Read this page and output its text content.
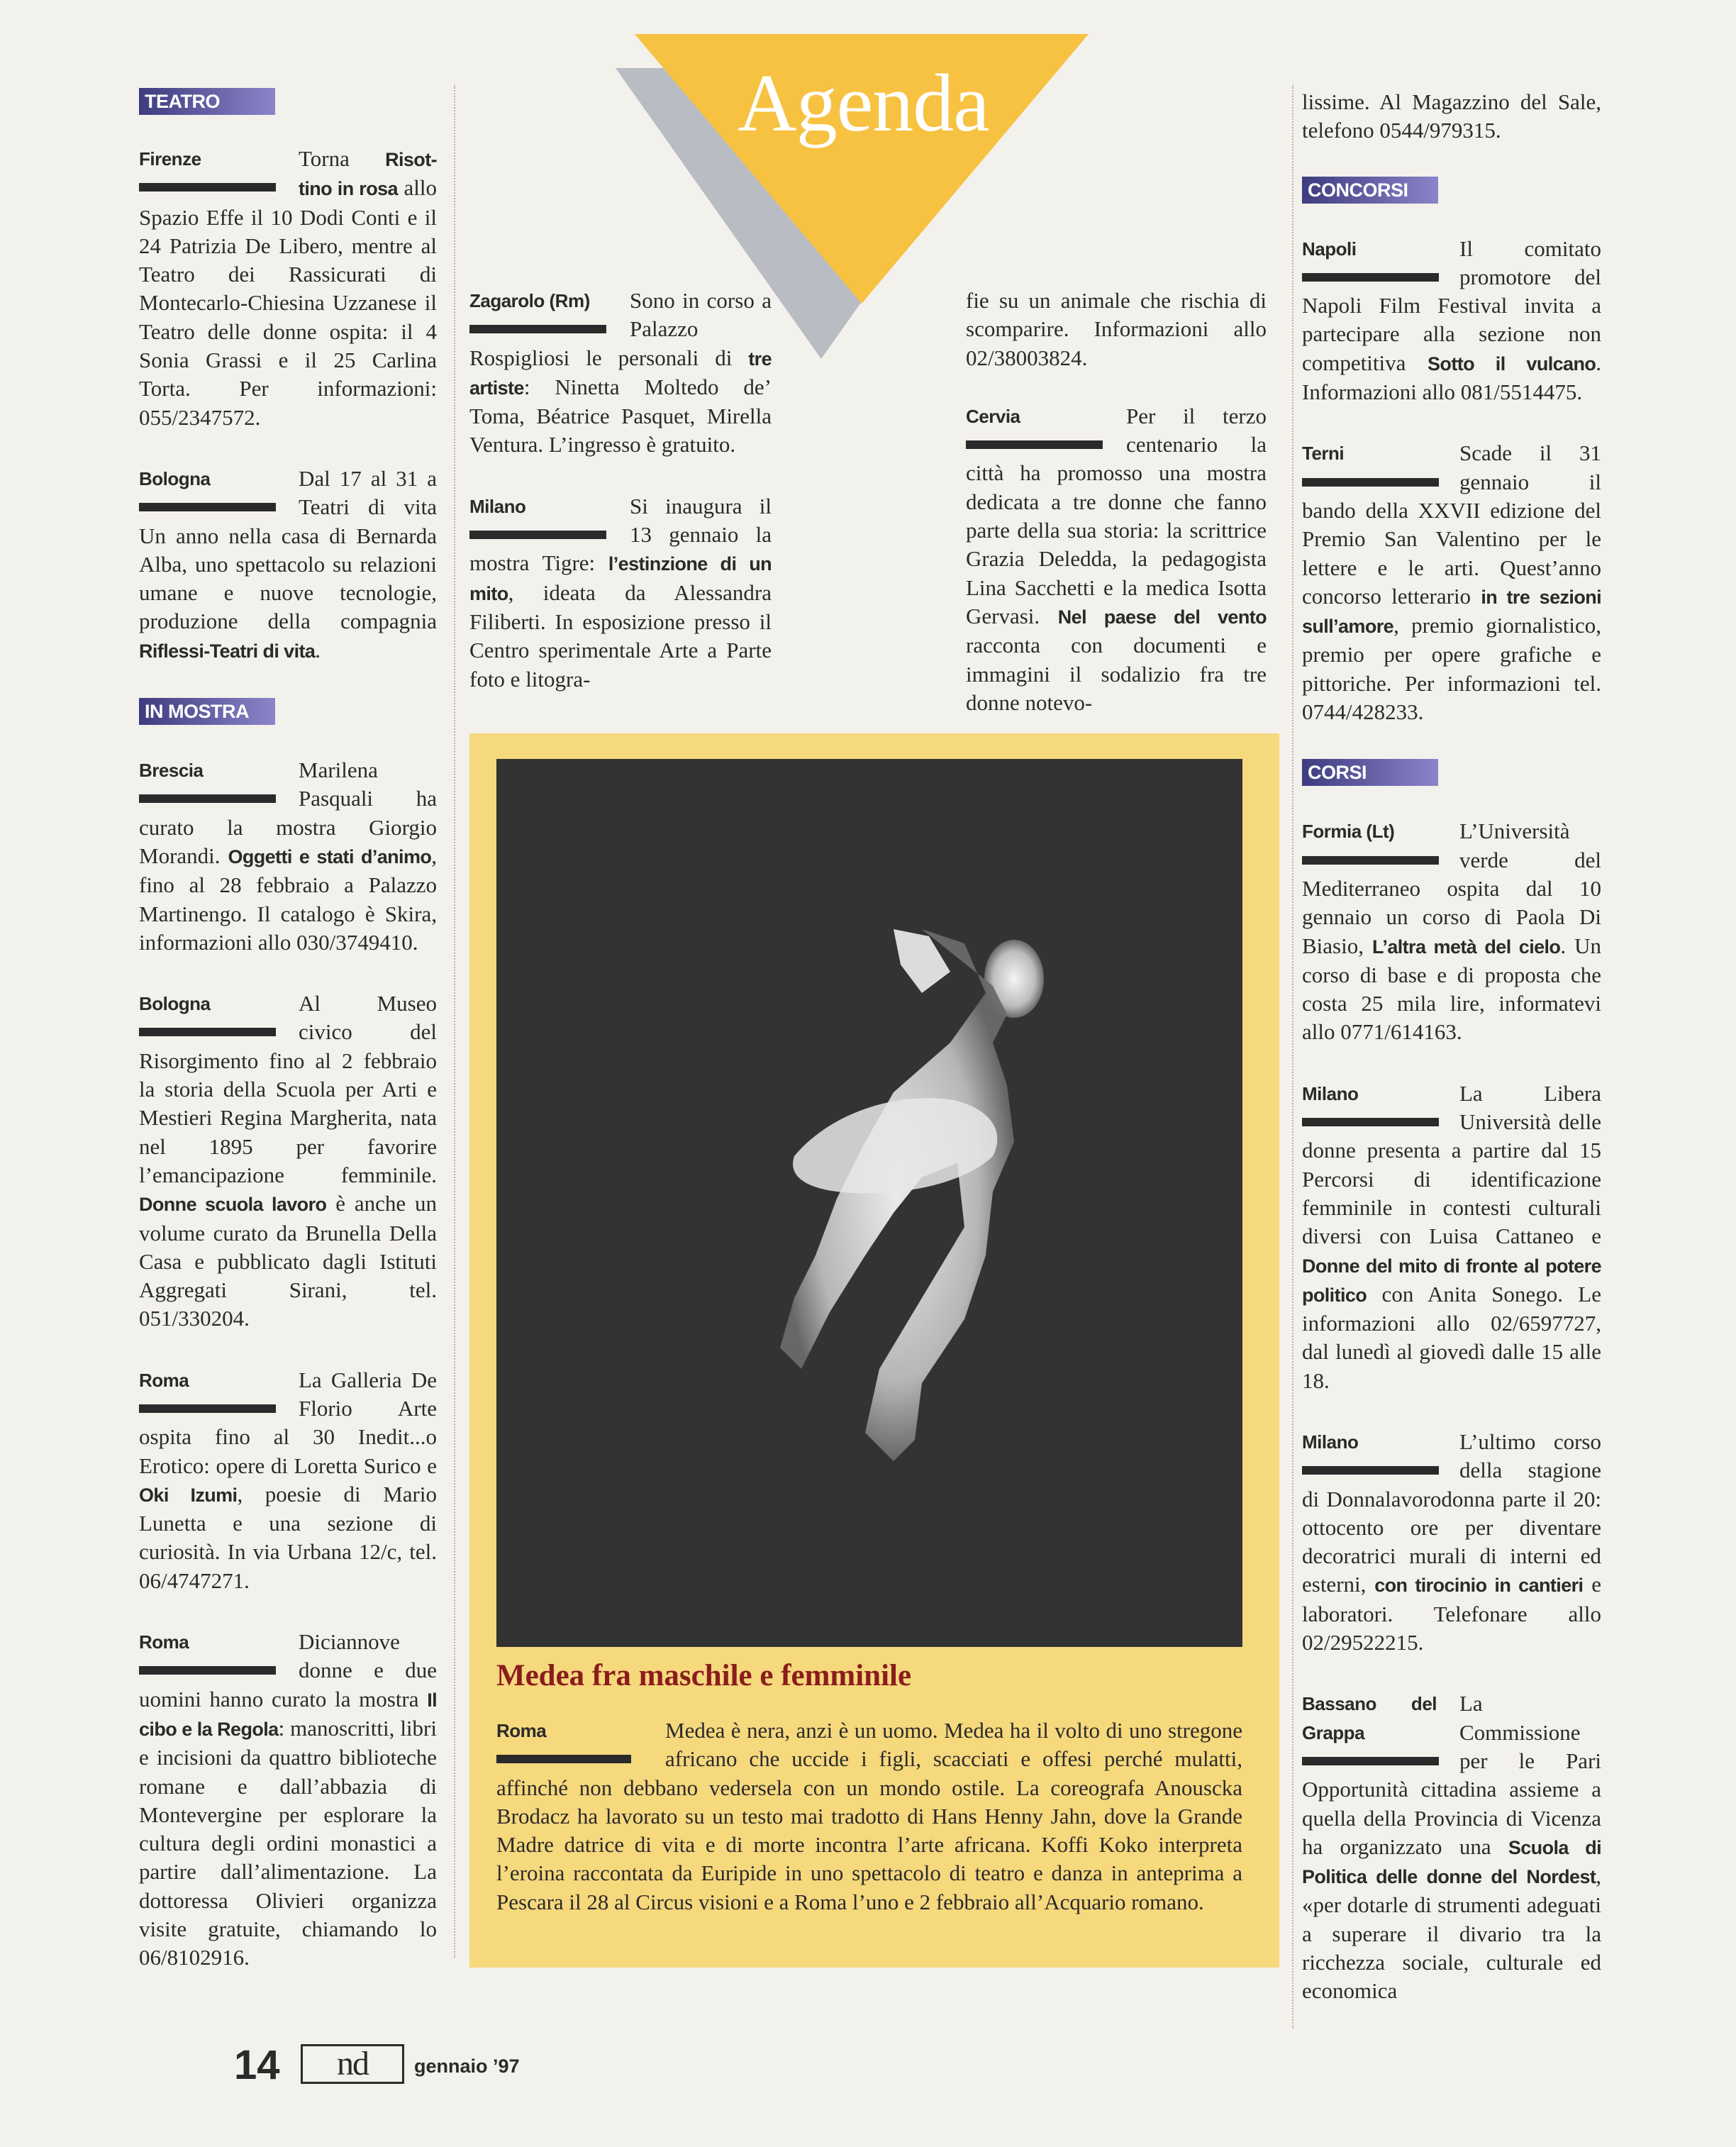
Agenda
TEATRO
Firenze	Torna Risot-tino in rosa allo Spazio Effe il 10 Dodi Conti e il 24 Patrizia De Libero, mentre al Teatro dei Rassicurati di Montecarlo-Chiesina Uzzanese il Teatro delle donne ospita: il 4 Sonia Grassi e il 25 Carlina Torta. Per informazioni: 055/2347572.
Bologna	Dal 17 al 31 a Teatri di vita Un anno nella casa di Bernarda Alba, uno spettacolo su relazioni umane e nuove tecnologie, produzione della compagnia Riflessi-Teatri di vita.
IN MOSTRA
Brescia	Marilena Pasquali ha curato la mostra Giorgio Morandi. Oggetti e stati d’animo, fino al 28 febbraio a Palazzo Martinengo. Il catalogo è Skira, informazioni allo 030/3749410.
Bologna	Al Museo civico del Risorgimento fino al 2 febbraio la storia della Scuola per Arti e Mestieri Regina Margherita, nata nel 1895 per favorire l’emancipazione femminile. Donne scuola lavoro è anche un volume curato da Brunella Della Casa e pubblicato dagli Istituti Aggregati Sirani, tel. 051/330204.
Roma	La Galleria De Florio Arte ospita fino al 30 Inedit...o Erotico: opere di Loretta Surico e Oki Izumi, poesie di Mario Lunetta e una sezione di curiosità. In via Urbana 12/c, tel. 06/4747271.
Roma	Diciannove donne e due uomini hanno curato la mostra Il cibo e la Regola: manoscritti, libri e incisioni da quattro biblioteche romane e dall’abbazia di Montevergine per esplorare la cultura degli ordini monastici a partire dall’alimentazione. La dottoressa Olivieri organizza visite gratuite, chiamando lo 06/8102916.
Zagarolo (Rm)	Sono in corso a Palazzo Rospigliosi le personali di tre artiste: Ninetta Moltedo de’ Toma, Béatrice Pasquet, Mirella Ventura. L’ingresso è gratuito.
Milano	Si inaugura il 13 gennaio la mostra Tigre: l’estinzione di un mito, ideata da Alessandra Filiberti. In esposizione presso il Centro sperimentale Arte a Parte foto e litogra-
fie su un animale che rischia di scomparire. Informazioni allo 02/38003824.
Cervia	Per il terzo centenario la città ha promosso una mostra dedicata a tre donne che fanno parte della sua storia: la scrittrice Grazia Deledda, la pedagogista Lina Sacchetti e la medica Isotta Gervasi. Nel paese del vento racconta con documenti e immagini il sodalizio fra tre donne notevo-
Medea fra maschile e femminile
Roma	Medea è nera, anzi è un uomo. Medea ha il volto di uno stregone africano che uccide i figli, scacciati e offesi perché mulatti, affinché non debbano vedersela con un mondo ostile. La coreografa Anouscka Brodacz ha lavorato su un testo mai tradotto di Hans Henny Jahn, dove la Grande Madre datrice di vita e di morte incontra l’arte africana. Koffi Koko interpreta l’eroina raccontata da Euripide in uno spettacolo di teatro e danza in anteprima a Pescara il 28 al Circus visioni e a Roma l’uno e 2 febbraio all’Acquario romano.
lissime. Al Magazzino del Sale, telefono 0544/979315.
CONCORSI
Napoli	Il comitato promotore del Napoli Film Festival invita a partecipare alla sezione non competitiva Sotto il vulcano. Informazioni allo 081/5514475.
Terni	Scade il 31 gennaio il bando della XXVII edizione del Premio San Valentino per le lettere e le arti. Quest’anno concorso letterario in tre sezioni sull’amore, premio giornalistico, premio per opere grafiche e pittoriche. Per informazioni tel. 0744/428233.
CORSI
Formia (Lt)	L’Università verde del Mediterraneo ospita dal 10 gennaio un corso di Paola Di Biasio, L’altra metà del cielo. Un corso di base e di proposta che costa 25 mila lire, informatevi allo 0771/614163.
Milano	La Libera Università delle donne presenta a partire dal 15 Percorsi di identificazione femminile in contesti culturali diversi con Luisa Cattaneo e Donne del mito di fronte al potere politico con Anita Sonego. Le informazioni allo 02/6597727, dal lunedì al giovedì dalle 15 alle 18.
Milano	L’ultimo corso della stagione di Donnalavorodonna parte il 20: ottocento ore per diventare decoratrici murali di interni ed esterni, con tirocinio in cantieri e laboratori. Telefonare allo 02/29522215.
Bassano del Grappa
La Commissione per le Pari Opportunità cittadina assieme a quella della Provincia di Vicenza ha organizzato una Scuola di Politica delle donne del Nordest, «per dotarle di strumenti adeguati a superare il divario tra la ricchezza sociale, culturale ed economica
14	nd	gennaio ’97
